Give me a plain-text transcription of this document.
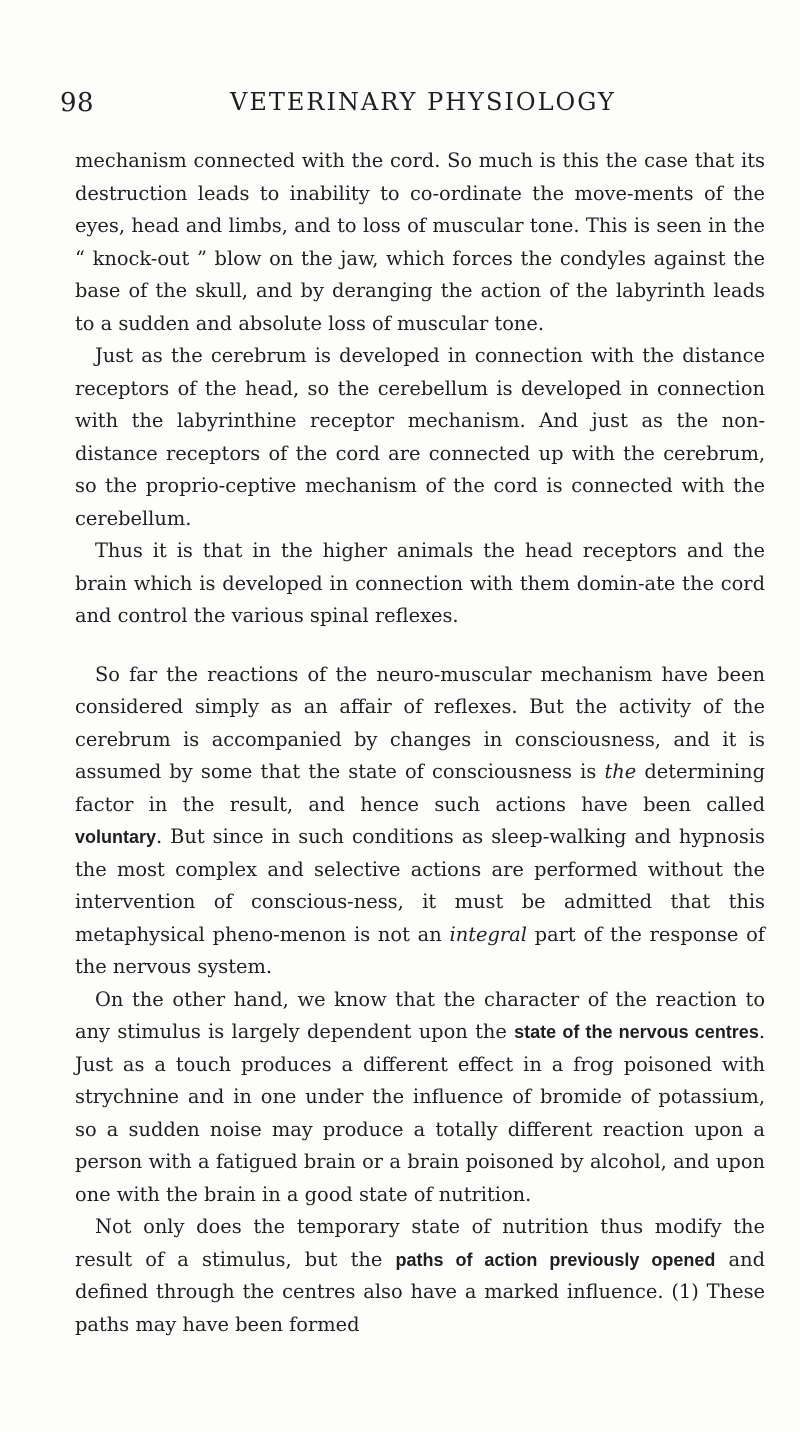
98	VETERINARY PHYSIOLOGY

mechanism connected with the cord. So much is this the case that its destruction leads to inability to co-ordinate the move-ments of the eyes, head and limbs, and to loss of muscular tone. This is seen in the “ knock-out ” blow on the jaw, which forces the condyles against the base of the skull, and by deranging the action of the labyrinth leads to a sudden and absolute loss of muscular tone.

Just as the cerebrum is developed in connection with the distance receptors of the head, so the cerebellum is developed in connection with the labyrinthine receptor mechanism. And just as the non-distance receptors of the cord are connected up with the cerebrum, so the proprio-ceptive mechanism of the cord is connected with the cerebellum.

Thus it is that in the higher animals the head receptors and the brain which is developed in connection with them domin-ate the cord and control the various spinal reflexes.

So far the reactions of the neuro-muscular mechanism have been considered simply as an affair of reflexes. But the activity of the cerebrum is accompanied by changes in consciousness, and it is assumed by some that the state of consciousness is the determining factor in the result, and hence such actions have been called voluntary. But since in such conditions as sleep-walking and hypnosis the most complex and selective actions are performed without the intervention of conscious-ness, it must be admitted that this metaphysical pheno-menon is not an integral part of the response of the nervous system.

On the other hand, we know that the character of the reaction to any stimulus is largely dependent upon the state of the nervous centres. Just as a touch produces a different effect in a frog poisoned with strychnine and in one under the influence of bromide of potassium, so a sudden noise may produce a totally different reaction upon a person with a fatigued brain or a brain poisoned by alcohol, and upon one with the brain in a good state of nutrition.

Not only does the temporary state of nutrition thus modify the result of a stimulus, but the paths of action previously opened and defined through the centres also have a marked influence. (1) These paths may have been formed
